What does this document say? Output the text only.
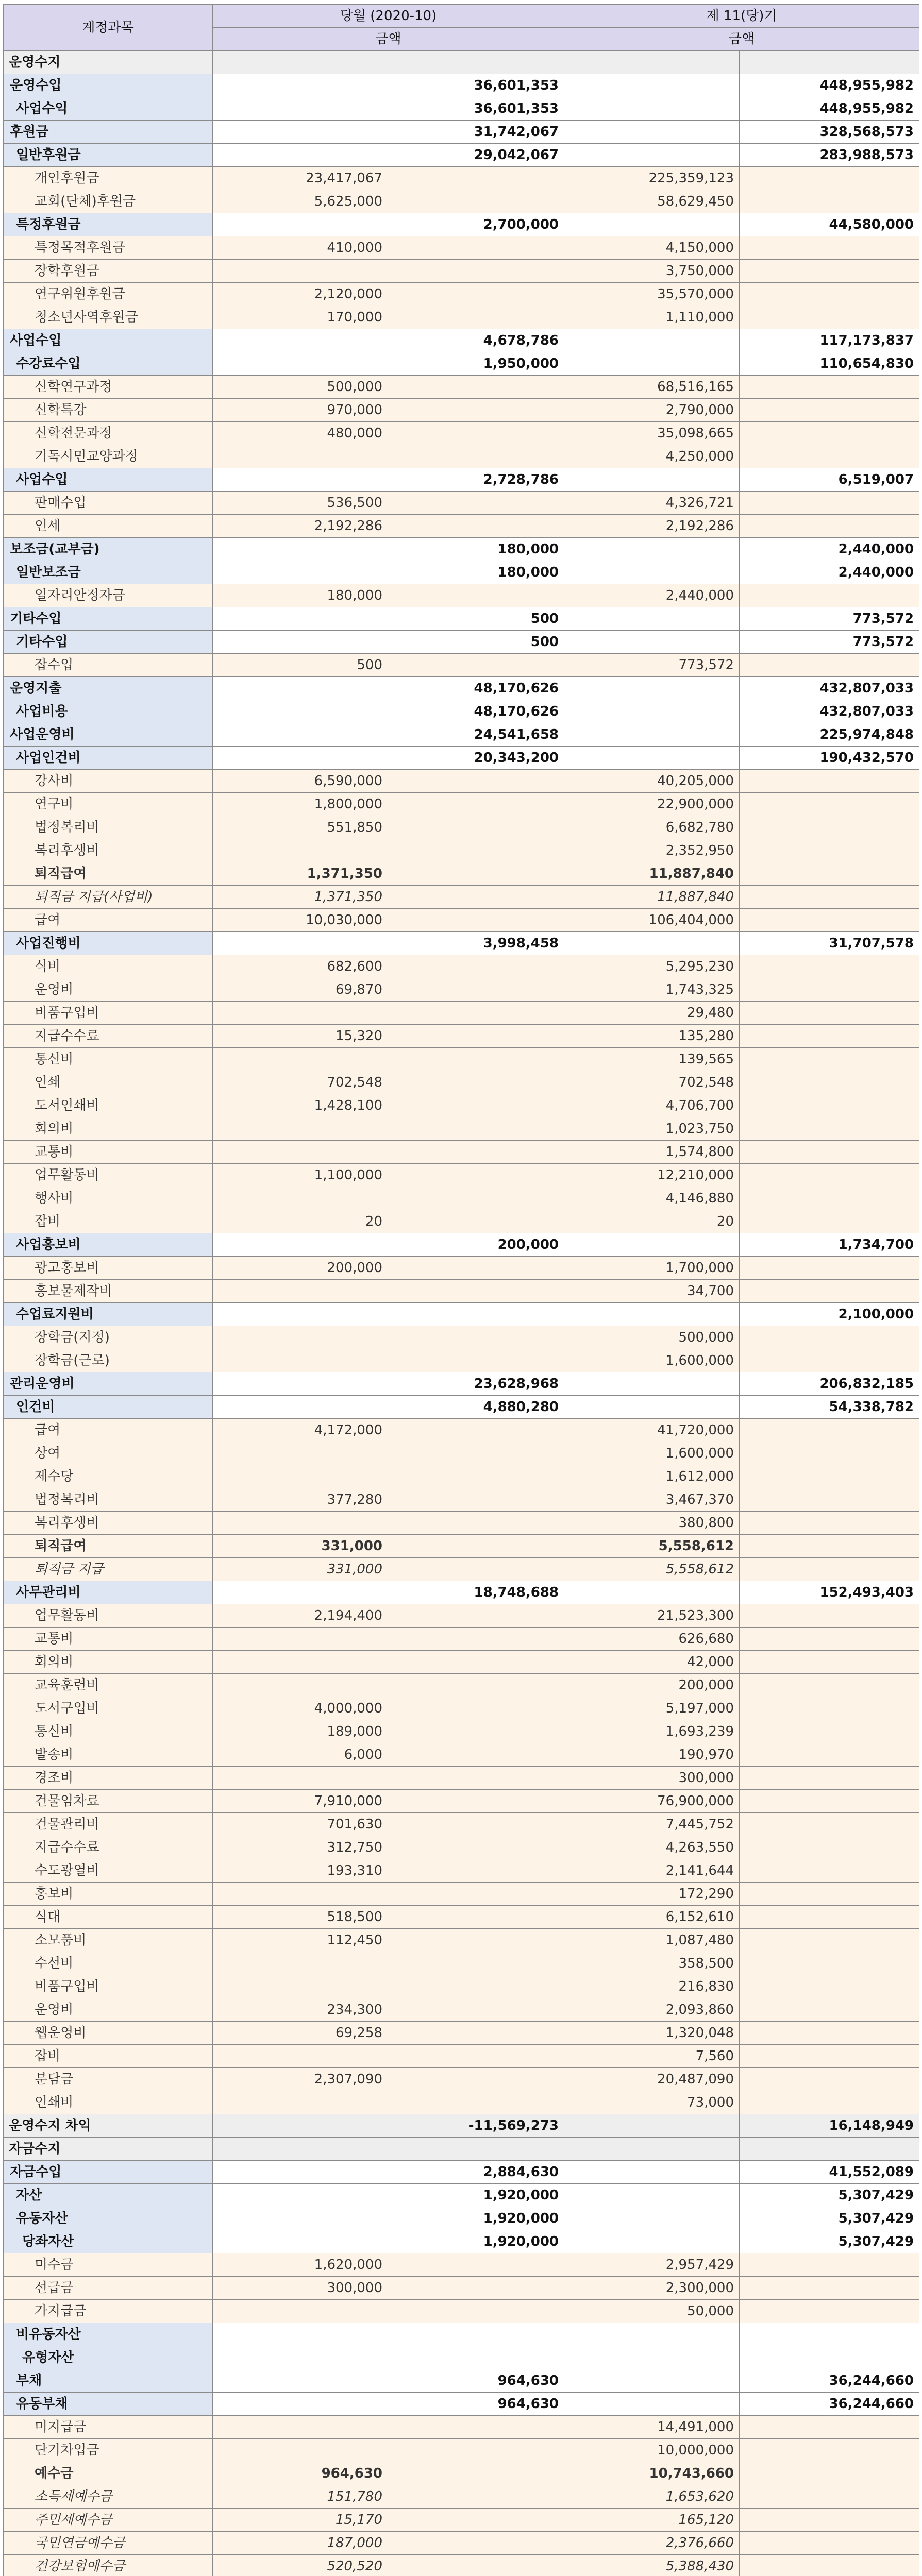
계정과목	당월 (2020-10)		제 11(당)기	
	금액		금액	
운영수지				
운영수입		36,601,353		448,955,982
사업수익		36,601,353		448,955,982
후원금		31,742,067		328,568,573
일반후원금		29,042,067		283,988,573
개인후원금	23,417,067		225,359,123	
교회(단체)후원금	5,625,000		58,629,450	
특정후원금		2,700,000		44,580,000
특정목적후원금	410,000		4,150,000	
장학후원금			3,750,000	
연구위원후원금	2,120,000		35,570,000	
청소년사역후원금	170,000		1,110,000	
사업수입		4,678,786		117,173,837
수강료수입		1,950,000		110,654,830
신학연구과정	500,000		68,516,165	
신학특강	970,000		2,790,000	
신학전문과정	480,000		35,098,665	
기독시민교양과정			4,250,000	
사업수입		2,728,786		6,519,007
판매수입	536,500		4,326,721	
인세	2,192,286		2,192,286	
보조금(교부금)		180,000		2,440,000
일반보조금		180,000		2,440,000
일자리안정자금	180,000		2,440,000	
기타수입		500		773,572
기타수입		500		773,572
잡수입	500		773,572	
운영지출		48,170,626		432,807,033
사업비용		48,170,626		432,807,033
사업운영비		24,541,658		225,974,848
사업인건비		20,343,200		190,432,570
강사비	6,590,000		40,205,000	
연구비	1,800,000		22,900,000	
법정복리비	551,850		6,682,780	
복리후생비			2,352,950	
퇴직급여	1,371,350		11,887,840	
퇴직금 지급(사업비)	1,371,350		11,887,840	
급여	10,030,000		106,404,000	
사업진행비		3,998,458		31,707,578
식비	682,600		5,295,230	
운영비	69,870		1,743,325	
비품구입비			29,480	
지급수수료	15,320		135,280	
통신비			139,565	
인쇄	702,548		702,548	
도서인쇄비	1,428,100		4,706,700	
회의비			1,023,750	
교통비			1,574,800	
업무활동비	1,100,000		12,210,000	
행사비			4,146,880	
잡비	20		20	
사업홍보비		200,000		1,734,700
광고홍보비	200,000		1,700,000	
홍보물제작비			34,700	
수업료지원비				2,100,000
장학금(지정)			500,000	
장학금(근로)			1,600,000	
관리운영비		23,628,968		206,832,185
인건비		4,880,280		54,338,782
급여	4,172,000		41,720,000	
상여			1,600,000	
제수당			1,612,000	
법정복리비	377,280		3,467,370	
복리후생비			380,800	
퇴직급여	331,000		5,558,612	
퇴직금 지급	331,000		5,558,612	
사무관리비		18,748,688		152,493,403
업무활동비	2,194,400		21,523,300	
교통비			626,680	
회의비			42,000	
교육훈련비			200,000	
도서구입비	4,000,000		5,197,000	
통신비	189,000		1,693,239	
발송비	6,000		190,970	
경조비			300,000	
건물임차료	7,910,000		76,900,000	
건물관리비	701,630		7,445,752	
지급수수료	312,750		4,263,550	
수도광열비	193,310		2,141,644	
홍보비			172,290	
식대	518,500		6,152,610	
소모품비	112,450		1,087,480	
수선비			358,500	
비품구입비			216,830	
운영비	234,300		2,093,860	
웹운영비	69,258		1,320,048	
잡비			7,560	
분담금	2,307,090		20,487,090	
인쇄비			73,000	
운영수지 차익		-11,569,273		16,148,949
자금수지				
자금수입		2,884,630		41,552,089
자산		1,920,000		5,307,429
유동자산		1,920,000		5,307,429
당좌자산		1,920,000		5,307,429
미수금	1,620,000		2,957,429	
선급금	300,000		2,300,000	
가지급금			50,000	
비유동자산				
유형자산				
부채		964,630		36,244,660
유동부채		964,630		36,244,660
미지급금			14,491,000	
단기차입금			10,000,000	
예수금	964,630		10,743,660	
소득세예수금	151,780		1,653,620	
주민세예수금	15,170		165,120	
국민연금예수금	187,000		2,376,660	
건강보험예수금	520,520		5,388,430	
